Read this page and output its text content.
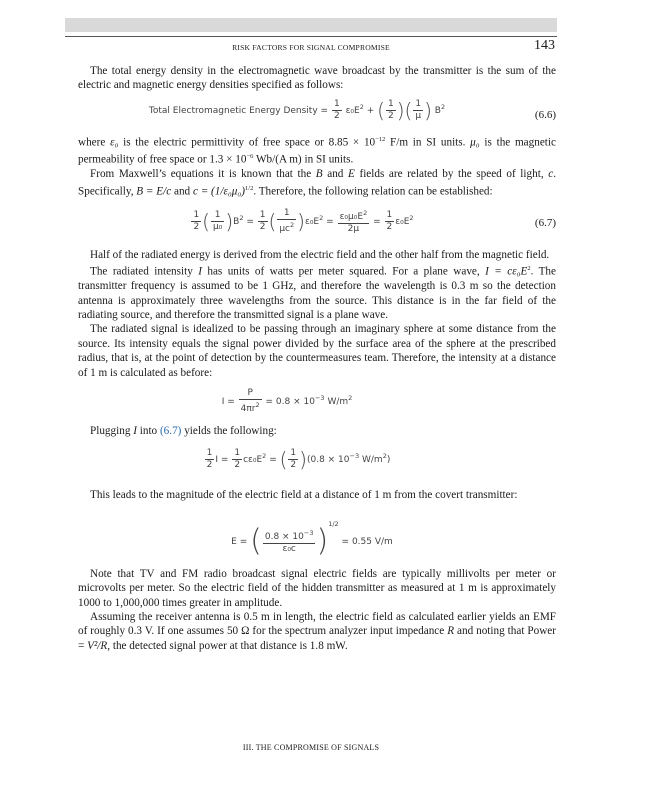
RISK FACTORS FOR SIGNAL COMPROMISE	143

The total energy density in the electromagnetic wave broadcast by the transmitter is the sum of the electric and magnetic energy densities specified as follows:

Total Electromagnetic Energy Density = $\frac{1}{2} \varepsilon_0E^2$ + ( $\frac{1}{2}$ )( $\frac{1}{\mu}$ ) $B^2$
(6.6)

where ε₀ is the electric permittivity of free space or $8.85 \times 10^{-12}$ F/m in SI units. μ₀ is the magnetic permeability of free space or $1.3 \times 10^{-6}$ Wb/(A m) in SI units.

From Maxwell’s equations it is known that the B and E fields are related by the speed of light, c. Specifically, B = E/c and $c = (1/\varepsilon_0\mu_0)^{1/2}$. Therefore, the following relation can be established:

$\frac{1}{2}$ ( $\frac{1}{\text{μ₀}} )B^2 = \frac{1}{2}$ ( $\frac{1}{\mu c^2} )\varepsilon_0E^2 = \frac{\varepsilon_0\mu_0E^2}{2\mu} = \frac{1}{2} \varepsilon_0E^2$	(6.7)

Half of the radiated energy is derived from the electric field and the other half from the magnetic field.

The radiated intensity I has units of watts per meter squared. For a plane wave, $I = c\varepsilon_0E^2$. The transmitter frequency is assumed to be 1 GHz, and therefore the wavelength is 0.3 m so the detection antenna is approximately three wavelengths from the source. This distance is in the far field of the radiating source, and therefore the transmitted signal is a plane wave.

The radiated signal is idealized to be passing through an imaginary sphere at some distance from the source. Its intensity equals the signal power divided by the surface area of the sphere at the prescribed radius, that is, at the point of detection by the countermeasures team. Therefore, the intensity at a distance of 1 m is calculated as before:

$I = \frac{P}{4\pi r^2} = 0.8 \times 10^{-3}$ $W/m^2$

Plugging I into (6.7) yields the following:

$\frac{1}{2}$ $I = \frac{1}{2} c\varepsilon_0E^2$ = ( $\frac{1}{2} )(0.8 \times 10^{-3}$ $W/m^2$)

This leads to the magnitude of the electric field at a distance of 1 m from the covert transmitter:

E = ( $\frac{0.8 \times 10^{-3}}{\text{ε₀c}} )^{1/2} = 0.55$ V/m

Note that TV and FM radio broadcast signal electric fields are typically millivolts per meter or microvolts per meter. So the electric field of the hidden transmitter as measured at 1 m is approximately 1000 to 1,000,000 times greater in amplitude.

Assuming the receiver antenna is 0.5 m in length, the electric field as calculated earlier yields an EMF of roughly 0.3 V. If one assumes 50 Ω for the spectrum analyzer input impedance R and noting that Power = V²/R, the detected signal power at that distance is 1.8 mW.

III. THE COMPROMISE OF SIGNALS
